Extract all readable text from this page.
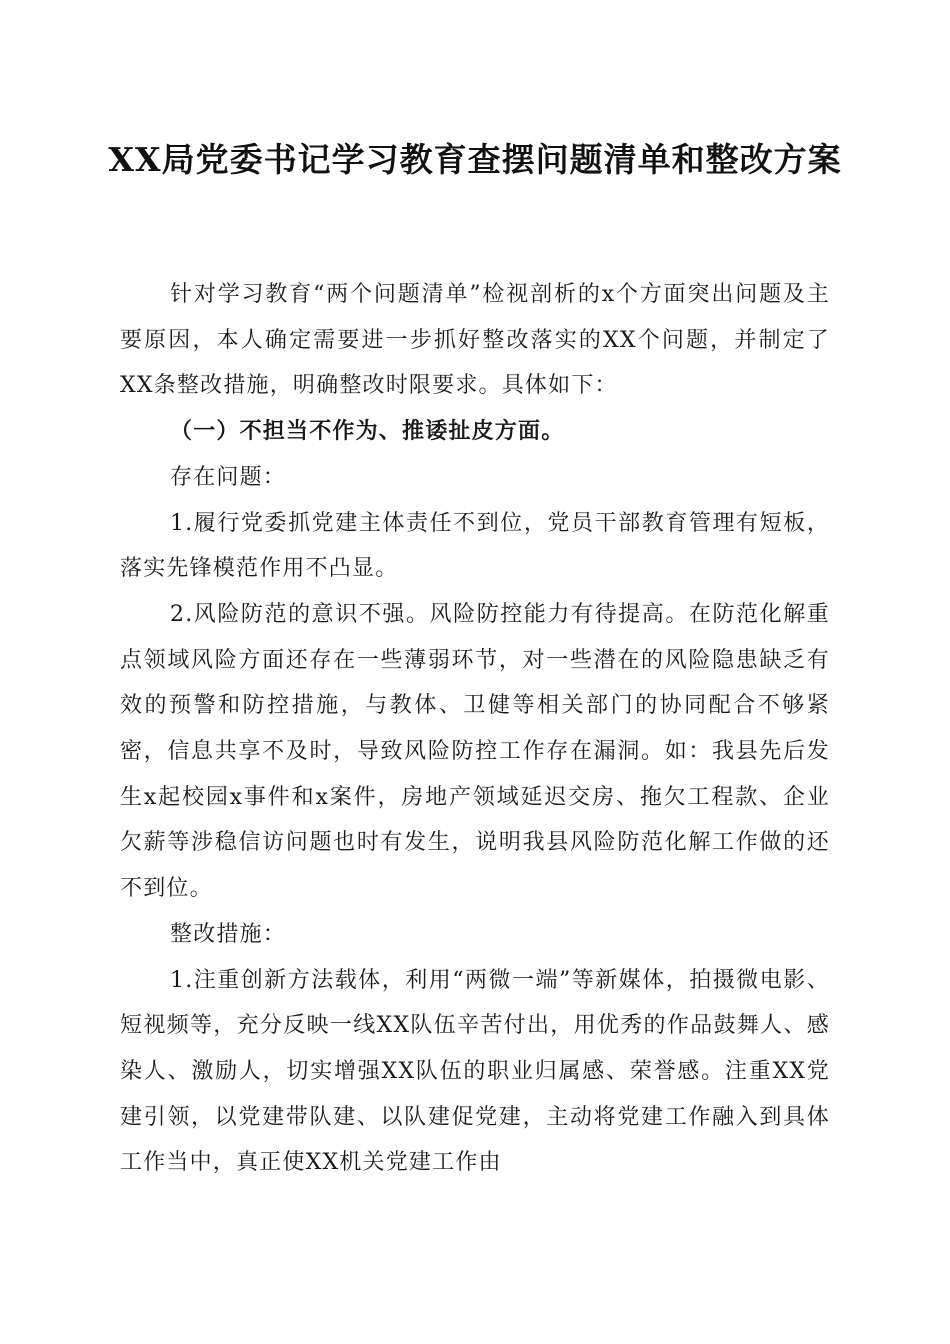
XX局党委书记学习教育查摆问题清单和整改方案

针对学习教育“两个问题清单”检视剖析的x个方面突出问题及主要原因，本人确定需要进一步抓好整改落实的XX个问题，并制定了XX条整改措施，明确整改时限要求。具体如下：

（一）不担当不作为、推诿扯皮方面。

存在问题：

1.履行党委抓党建主体责任不到位，党员干部教育管理有短板，落实先锋模范作用不凸显。

2.风险防范的意识不强。风险防控能力有待提高。在防范化解重点领域风险方面还存在一些薄弱环节，对一些潜在的风险隐患缺乏有效的预警和防控措施，与教体、卫健等相关部门的协同配合不够紧密，信息共享不及时，导致风险防控工作存在漏洞。如：我县先后发生x起校园x事件和x案件，房地产领域延迟交房、拖欠工程款、企业欠薪等涉稳信访问题也时有发生，说明我县风险防范化解工作做的还不到位。

整改措施：

1.注重创新方法载体，利用“两微一端”等新媒体，拍摄微电影、短视频等，充分反映一线XX队伍辛苦付出，用优秀的作品鼓舞人、感染人、激励人，切实增强XX队伍的职业归属感、荣誉感。注重XX党建引领，以党建带队建、以队建促党建，主动将党建工作融入到具体工作当中，真正使XX机关党建工作由
